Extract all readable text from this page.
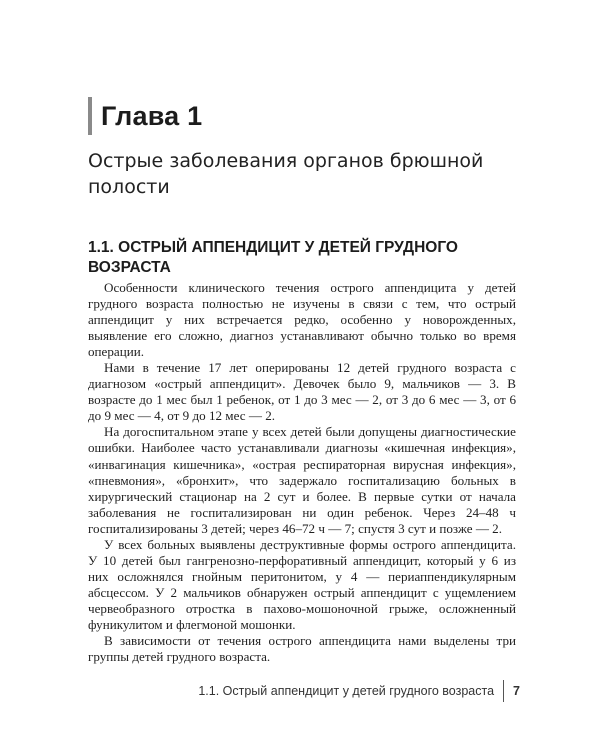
Глава 1
Острые заболевания органов брюшной полости
1.1. ОСТРЫЙ АППЕНДИЦИТ У ДЕТЕЙ ГРУДНОГО ВОЗРАСТА

Особенности клинического течения острого аппендицита у детей грудного возраста полностью не изучены в связи с тем, что острый аппендицит у них встречается редко, особенно у новорожденных, выявление его сложно, диагноз устанавливают обычно только во время операции.

Нами в течение 17 лет оперированы 12 детей грудного возраста с диагнозом «острый аппендицит». Девочек было 9, мальчиков — 3. В возрасте до 1 мес был 1 ребенок, от 1 до 3 мес — 2, от 3 до 6 мес — 3, от 6 до 9 мес — 4, от 9 до 12 мес — 2.

На догоспитальном этапе у всех детей были допущены диагностические ошибки. Наиболее часто устанавливали диагнозы «кишечная инфекция», «инвагинация кишечника», «острая респираторная вирусная инфекция», «пневмония», «бронхит», что задержало госпитализацию больных в хирургический стационар на 2 сут и более. В первые сутки от начала заболевания не госпитализирован ни один ребенок. Через 24–48 ч госпитализированы 3 детей; через 46–72 ч — 7; спустя 3 сут и позже — 2.

У всех больных выявлены деструктивные формы острого аппендицита. У 10 детей был гангренозно-перфоративный аппендицит, который у 6 из них осложнялся гнойным перитонитом, у 4 — периаппендикулярным абсцессом. У 2 мальчиков обнаружен острый аппендицит с ущемлением червеобразного отростка в пахово-мошоночной грыже, осложненный фуникулитом и флегмоной мошонки.

В зависимости от течения острого аппендицита нами выделены три группы детей грудного возраста.

1.1. Острый аппендицит у детей грудного возраста 7
